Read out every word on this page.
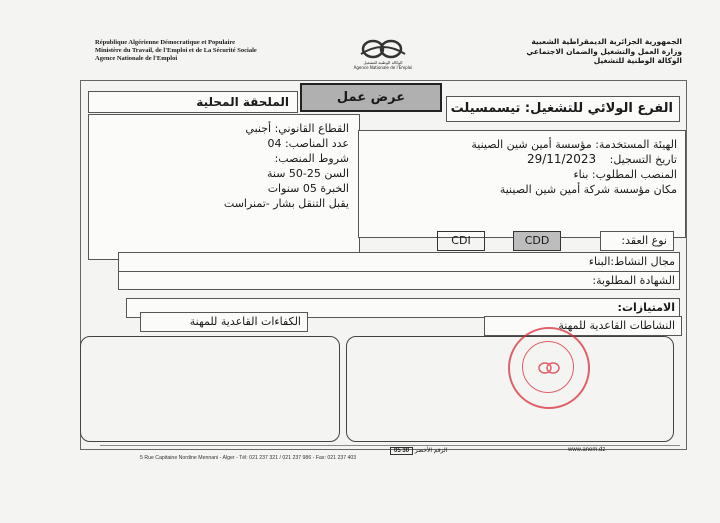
République Algérienne Démocratique et Populaire
Ministère du Travail, de l'Emploi et de La Sécurité Sociale
Agence Nationale de l'Emploi
الوكالة الوطنية للتشغيل
Agence Nationale de l'Emploi
الجمهورية الجزائرية الديمقراطية الشعبية
وزارة العمل والتشغيل والضمان الاجتماعي
الوكالة الوطنية للتشغيل
عرض عمل
الملحقة المحلية	الفرع الولائي للتشغيل: تيسمسيلت
القطاع القانوني: أجنبي
عدد المناصب: 04
شروط المنصب:
السن 25-50 سنة
الخبرة 05 سنوات
يقبل التنقل بشار -تمنراست
الهيئة المستخدمة: مؤسسة أمين شين الصينية
تاريخ التسجيل: 29/11/2023
المنصب المطلوب: بناء
مكان مؤسسة شركة أمين شين الصينية
CDI	CDD	نوع العقد:
مجال النشاط:البناء
الشهادة المطلوبة:
الامتيازات:
النشاطات القاعدية للمهنة
الكفاءات القاعدية للمهنة
الرقم الأخضر 30 05	www.anem.dz
5 Rue Capitaine Nordine Mennani - Alger - Tél: 021 237 321 / 021 237 986 - Fax: 021 237 403
